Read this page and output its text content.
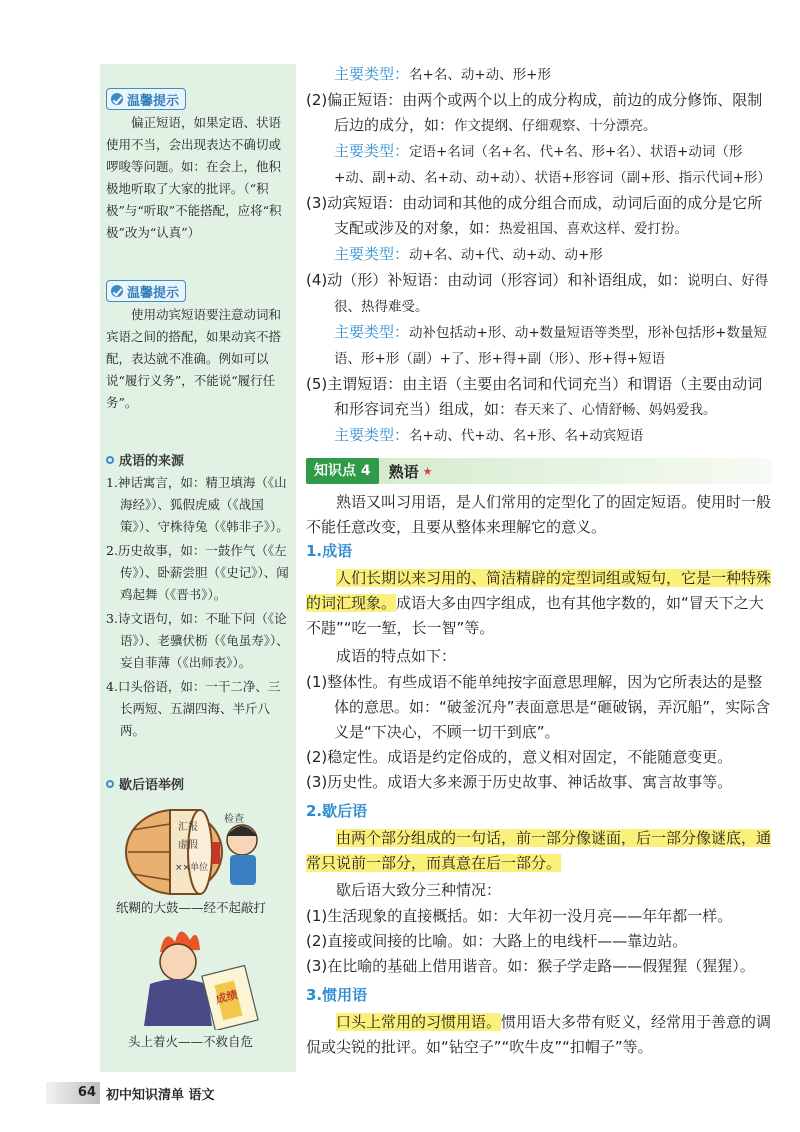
温馨提示
偏正短语，如果定语、状语使用不当，会出现表达不确切或啰唆等问题。如：在会上，他积极地听取了大家的批评。（“积极”与“听取”不能搭配，应将“积极”改为“认真”）
温馨提示
使用动宾短语要注意动词和宾语之间的搭配，如果动宾不搭配，表达就不准确。例如可以说“履行义务”，不能说“履行任务”。
成语的来源
1.神话寓言，如：精卫填海（《山海经》）、狐假虎威（《战国策》）、守株待兔（《韩非子》）。
2.历史故事，如：一鼓作气（《左传》）、卧薪尝胆（《史记》）、闻鸡起舞（《晋书》）。
3.诗文语句，如：不耻下问（《论语》）、老骥伏枥（《龟虽寿》）、妄自菲薄（《出师表》）。
4.口头俗语，如：一干二净、三长两短、五湖四海、半斤八两。
歇后语举例
汇报
虚假
××单位
检查
纸糊的大鼓——经不起敲打
成绩
头上着火——不救自危

主要类型：名+名、动+动、形+形

(2)偏正短语：由两个或两个以上的成分构成，前边的成分修饰、限制后边的成分，如：作文提纲、仔细观察、十分漂亮。

主要类型：定语+名词（名+名、代+名、形+名）、状语+动词（形+动、副+动、名+动、动+动）、状语+形容词（副+形、指示代词+形）

(3)动宾短语：由动词和其他的成分组合而成，动词后面的成分是它所支配或涉及的对象，如：热爱祖国、喜欢这样、爱打扮。

主要类型：动+名、动+代、动+动、动+形

(4)动（形）补短语：由动词（形容词）和补语组成，如：说明白、好得很、热得难受。

主要类型：动补包括动+形、动+数量短语等类型，形补包括形+数量短语、形+形（副）+了、形+得+副（形）、形+得+短语

(5)主谓短语：由主语（主要由名词和代词充当）和谓语（主要由动词和形容词充当）组成，如：春天来了、心情舒畅、妈妈爱我。

主要类型：名+动、代+动、名+形、名+动宾短语

知识点 4	熟语 ★
熟语又叫习用语，是人们常用的定型化了的固定短语。使用时一般不能任意改变，且要从整体来理解它的意义。
1.成语
人们长期以来习用的、简洁精辟的定型词组或短句，它是一种特殊的词汇现象。成语大多由四字组成，也有其他字数的，如“冒天下之大不韪”“吃一堑，长一智”等。
成语的特点如下：

(1)整体性。有些成语不能单纯按字面意思理解，因为它所表达的是整体的意思。如：“破釜沉舟”表面意思是“砸破锅，弄沉船”，实际含义是“下决心，不顾一切干到底”。

(2)稳定性。成语是约定俗成的，意义相对固定，不能随意变更。

(3)历史性。成语大多来源于历史故事、神话故事、寓言故事等。

2.歇后语
由两个部分组成的一句话，前一部分像谜面，后一部分像谜底，通常只说前一部分，而真意在后一部分。
歇后语大致分三种情况：

(1)生活现象的直接概括。如：大年初一没月亮——年年都一样。

(2)直接或间接的比喻。如：大路上的电线杆——靠边站。

(3)在比喻的基础上借用谐音。如：猴子学走路——假猩猩（猩猩）。

3.惯用语
口头上常用的习惯用语。惯用语大多带有贬义，经常用于善意的调侃或尖锐的批评。如“钻空子”“吹牛皮”“扣帽子”等。
64 初中知识清单 语文
